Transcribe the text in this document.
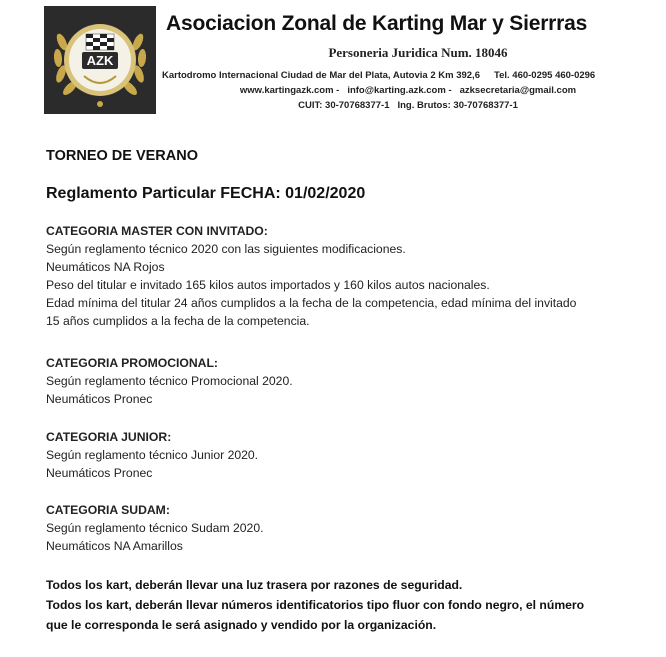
AZK
Asociacion Zonal de Karting Mar y Sierrras
Personeria Juridica Num. 18046
Kartodromo Internacional Ciudad de Mar del Plata, Autovia 2 Km 392,6 Tel. 460-0295 460-0296
www.kartingazk.com - info@karting.azk.com - azksecretaria@gmail.com
CUIT: 30-70768377-1 Ing. Brutos: 30-70768377-1
TORNEO DE VERANO
Reglamento Particular FECHA: 01/02/2020
CATEGORIA MASTER CON INVITADO:
Según reglamento técnico 2020 con las siguientes modificaciones.
Neumáticos NA Rojos
Peso del titular e invitado 165 kilos autos importados y 160 kilos autos nacionales.
Edad mínima del titular 24 años cumplidos a la fecha de la competencia, edad mínima del invitado
15 años cumplidos a la fecha de la competencia.
CATEGORIA PROMOCIONAL:
Según reglamento técnico Promocional 2020.
Neumáticos Pronec
CATEGORIA JUNIOR:
Según reglamento técnico Junior 2020.
Neumáticos Pronec
CATEGORIA SUDAM:
Según reglamento técnico Sudam 2020.
Neumáticos NA Amarillos
Todos los kart, deberán llevar una luz trasera por razones de seguridad.
Todos los kart, deberán llevar números identificatorios tipo fluor con fondo negro, el número
que le corresponda le será asignado y vendido por la organización.
